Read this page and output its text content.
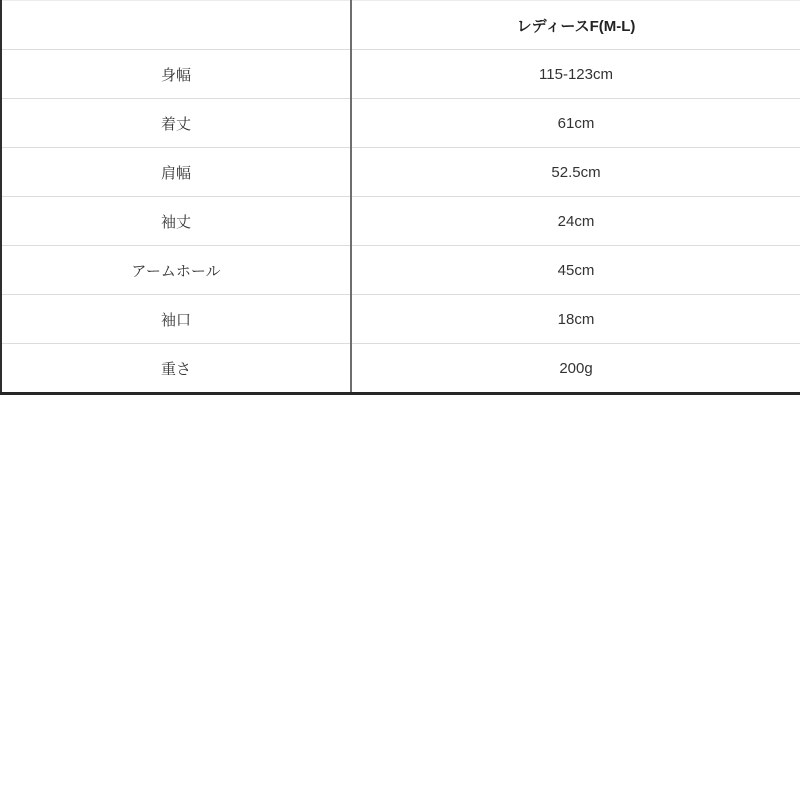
	レディースF(M-L)
身幅	115-123cm
着丈	61cm
肩幅	52.5cm
袖丈	24cm
アームホール	45cm
袖口	18cm
重さ	200g
